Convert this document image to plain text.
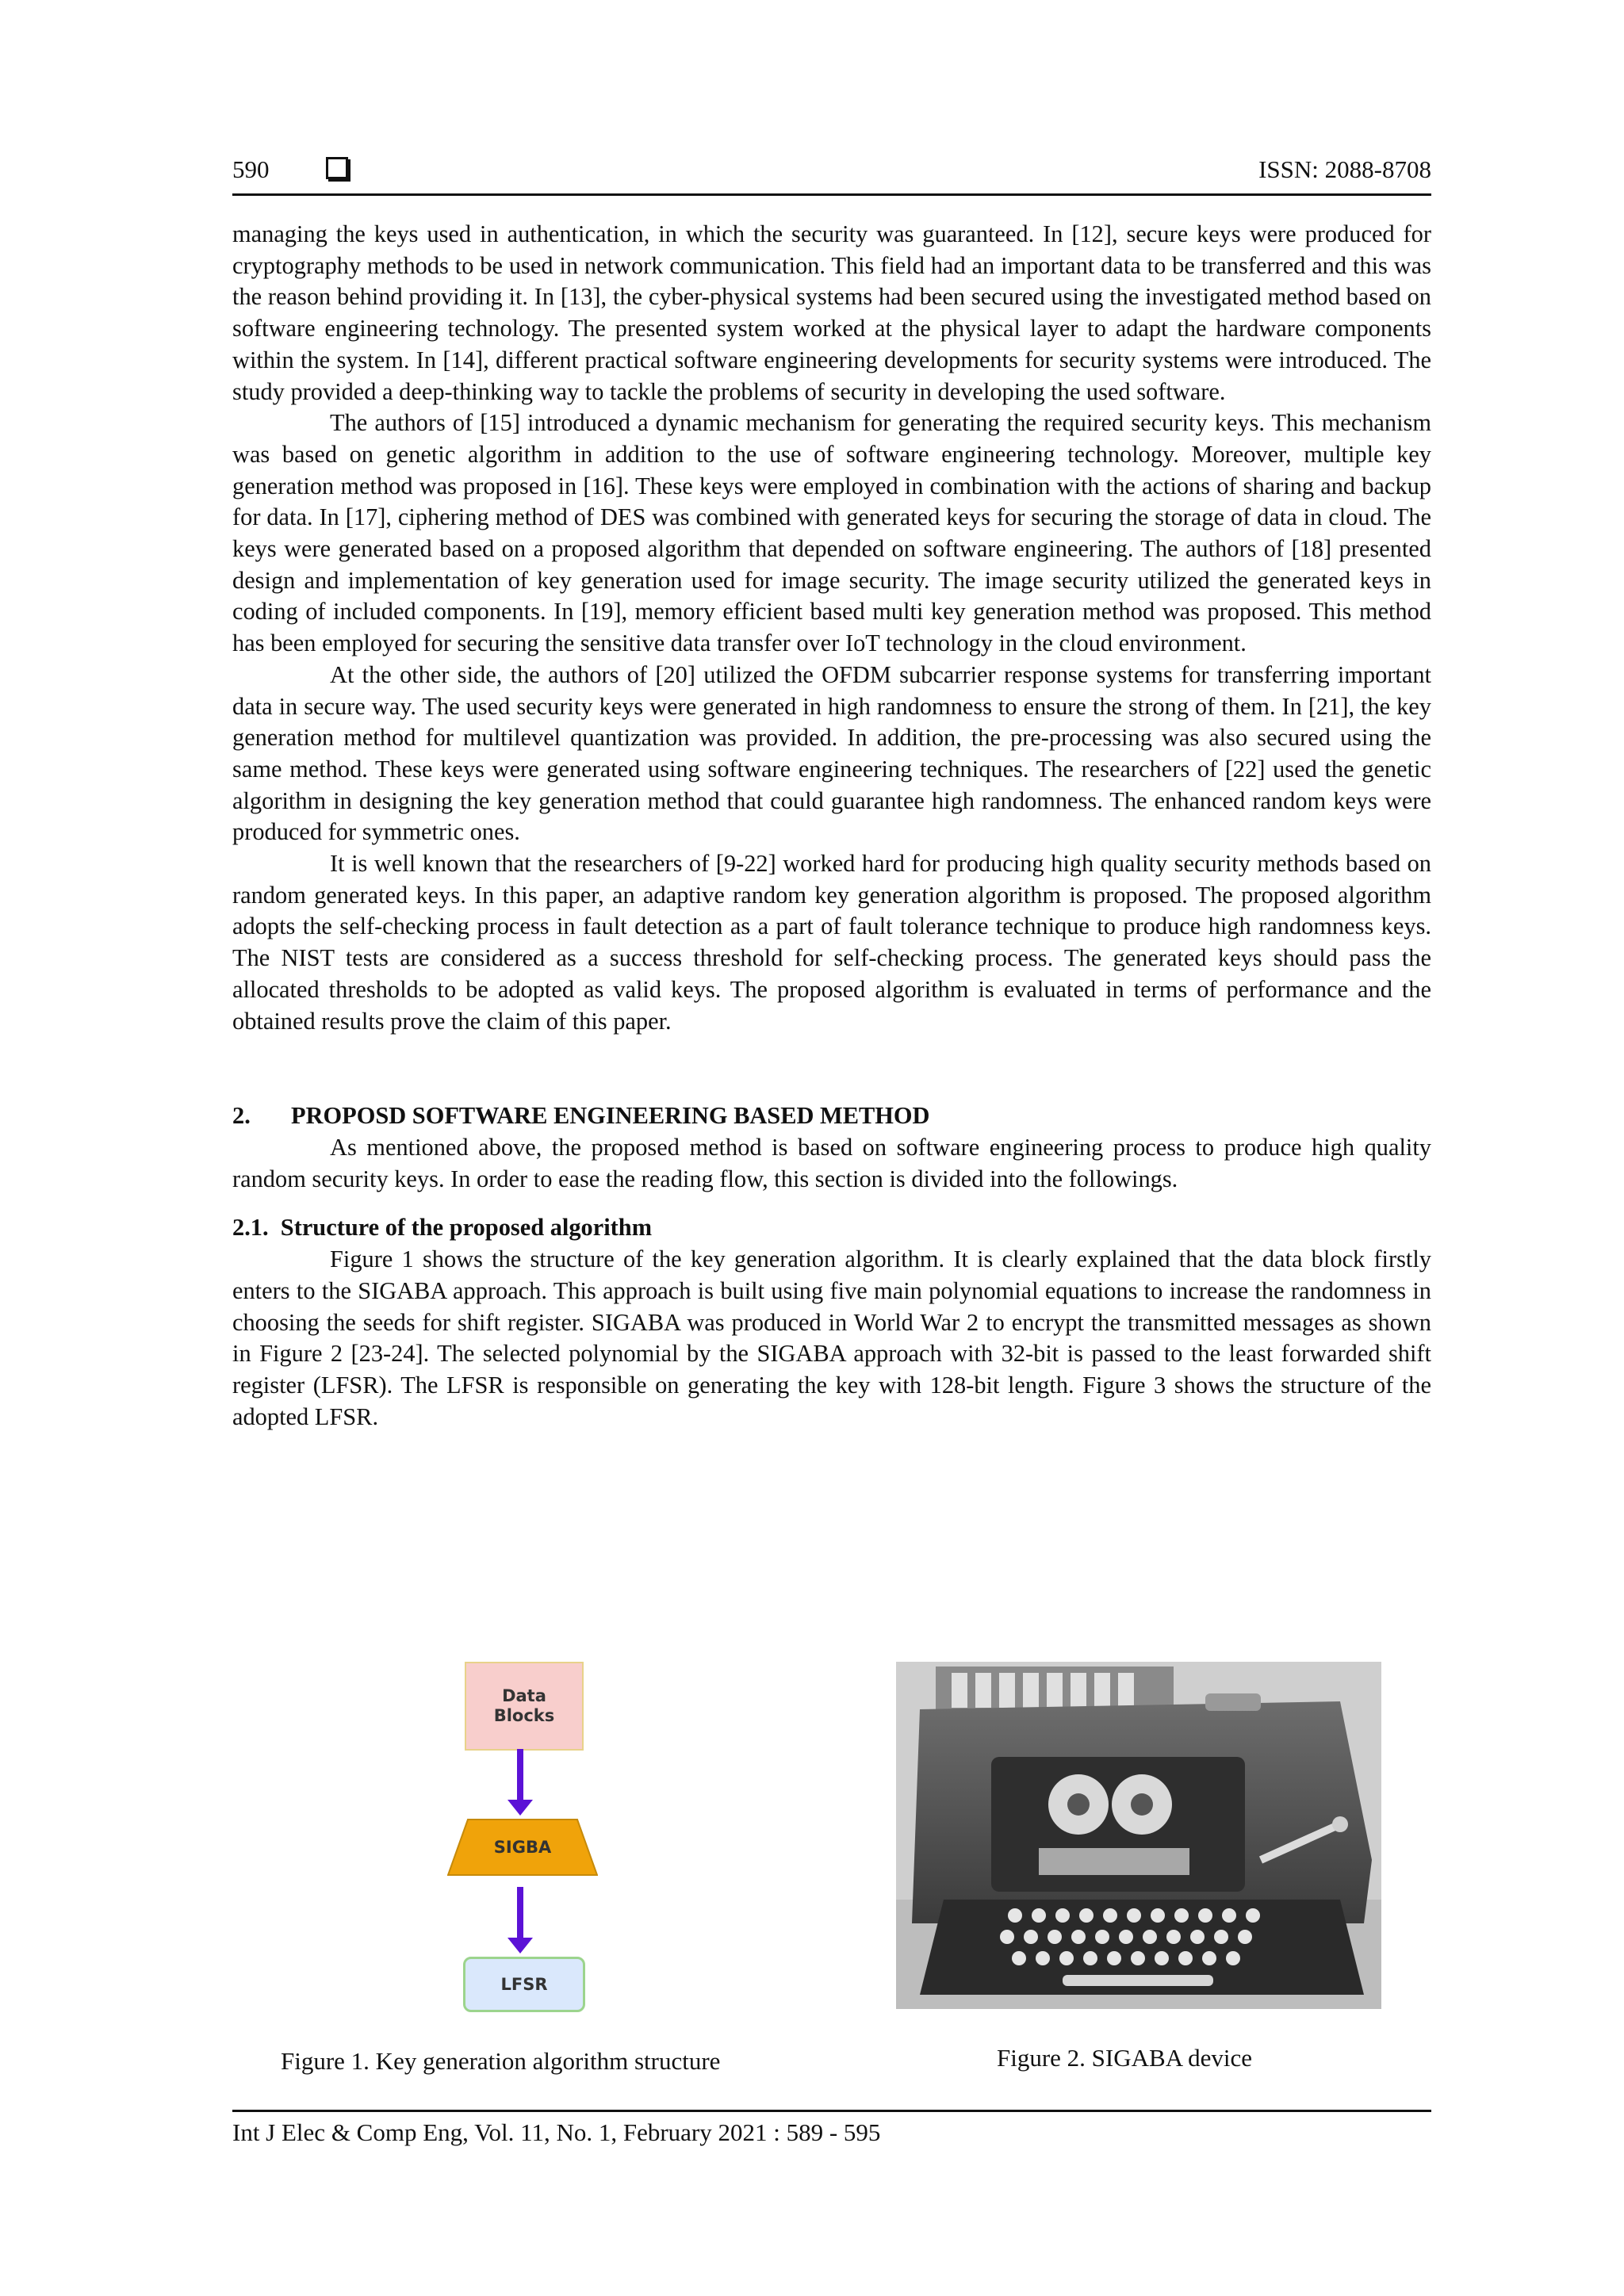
590	ISSN: 2088-8708

managing the keys used in authentication, in which the security was guaranteed. In [12], secure keys were produced for cryptography methods to be used in network communication. This field had an important data to be transferred and this was the reason behind providing it. In [13], the cyber-physical systems had been secured using the investigated method based on software engineering technology. The presented system worked at the physical layer to adapt the hardware components within the system. In [14], different practical software engineering developments for security systems were introduced. The study provided a deep-thinking way to tackle the problems of security in developing the used software.

The authors of [15] introduced a dynamic mechanism for generating the required security keys. This mechanism was based on genetic algorithm in addition to the use of software engineering technology. Moreover, multiple key generation method was proposed in [16]. These keys were employed in combination with the actions of sharing and backup for data. In [17], ciphering method of DES was combined with generated keys for securing the storage of data in cloud. The keys were generated based on a proposed algorithm that depended on software engineering. The authors of [18] presented design and implementation of key generation used for image security. The image security utilized the generated keys in coding of included components. In [19], memory efficient based multi key generation method was proposed. This method has been employed for securing the sensitive data transfer over IoT technology in the cloud environment.

At the other side, the authors of [20] utilized the OFDM subcarrier response systems for transferring important data in secure way. The used security keys were generated in high randomness to ensure the strong of them. In [21], the key generation method for multilevel quantization was provided. In addition, the pre-processing was also secured using the same method. These keys were generated using software engineering techniques. The researchers of [22] used the genetic algorithm in designing the key generation method that could guarantee high randomness. The enhanced random keys were produced for symmetric ones.

It is well known that the researchers of [9-22] worked hard for producing high quality security methods based on random generated keys. In this paper, an adaptive random key generation algorithm is proposed. The proposed algorithm adopts the self-checking process in fault detection as a part of fault tolerance technique to produce high randomness keys. The NIST tests are considered as a success threshold for self-checking process. The generated keys should pass the allocated thresholds to be adopted as valid keys. The proposed algorithm is evaluated in terms of performance and the obtained results prove the claim of this paper.

2. PROPOSD SOFTWARE ENGINEERING BASED METHOD

As mentioned above, the proposed method is based on software engineering process to produce high quality random security keys. In order to ease the reading flow, this section is divided into the followings.

2.1. Structure of the proposed algorithm

Figure 1 shows the structure of the key generation algorithm. It is clearly explained that the data block firstly enters to the SIGABA approach. This approach is built using five main polynomial equations to increase the randomness in choosing the seeds for shift register. SIGABA was produced in World War 2 to encrypt the transmitted messages as shown in Figure 2 [23-24]. The selected polynomial by the SIGABA approach with 32-bit is passed to the least forwarded shift register (LFSR). The LFSR is responsible on generating the key with 128-bit length. Figure 3 shows the structure of the adopted LFSR.

Data
Blocks
SIGBA
LFSR
Figure 1. Key generation algorithm structure	Figure 2. SIGABA device
Int J Elec & Comp Eng, Vol. 11, No. 1, February 2021 : 589 - 595
